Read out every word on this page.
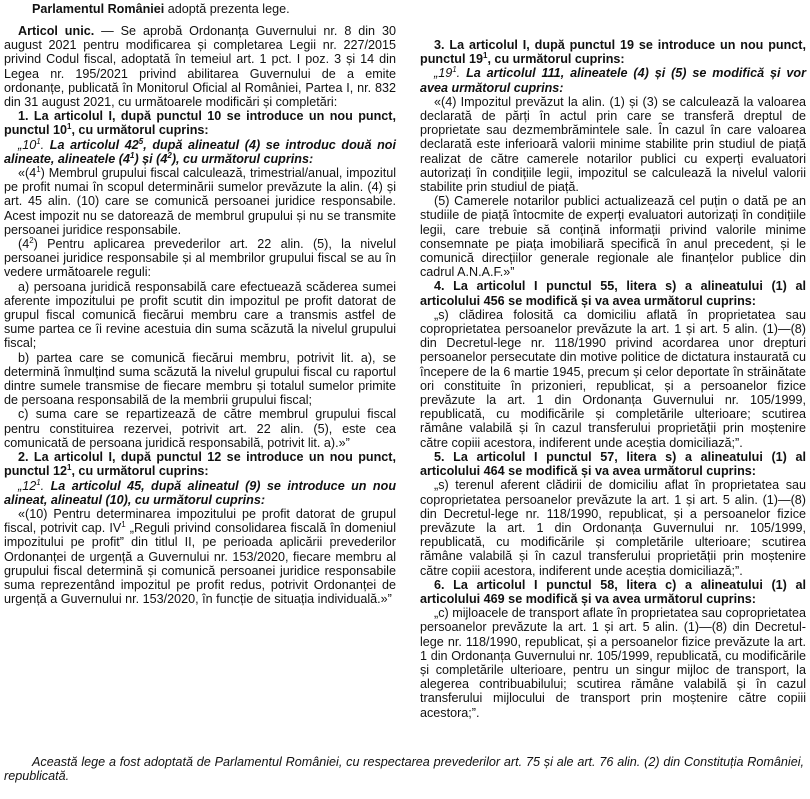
Parlamentul României adoptă prezenta lege.

Articol unic. — Se aprobă Ordonanța Guvernului nr. 8 din 30 august 2021 pentru modificarea și completarea Legii nr. 227/2015 privind Codul fiscal, adoptată în temeiul art. 1 pct. I poz. 3 și 14 din Legea nr. 195/2021 privind abilitarea Guvernului de a emite ordonanțe, publicată în Monitorul Oficial al României, Partea I, nr. 832 din 31 august 2021, cu următoarele modificări și completări:

1. La articolul I, după punctul 10 se introduce un nou punct, punctul $10^1$, cu următorul cuprins:

$„10^1$. La articolul $42^5$, după alineatul (4) se introduc două noi alineate, alineatele $(4^1)$ și $(4^2)$, cu următorul cuprins:

«$(4^1)$ Membrul grupului fiscal calculează, trimestrial/anual, impozitul pe profit numai în scopul determinării sumelor prevăzute la alin. (4) și art. 45 alin. (10) care se comunică persoanei juridice responsabile. Acest impozit nu se datorează de membrul grupului și nu se transmite persoanei juridice responsabile.

$(4^2)$ Pentru aplicarea prevederilor art. 22 alin. (5), la nivelul persoanei juridice responsabile și al membrilor grupului fiscal se au în vedere următoarele reguli:

a) persoana juridică responsabilă care efectuează scăderea sumei aferente impozitului pe profit scutit din impozitul pe profit datorat de grupul fiscal comunică fiecărui membru care a transmis astfel de sume partea ce îi revine acestuia din suma scăzută la nivelul grupului fiscal;

b) partea care se comunică fiecărui membru, potrivit lit. a), se determină înmulțind suma scăzută la nivelul grupului fiscal cu raportul dintre sumele transmise de fiecare membru și totalul sumelor primite de persoana responsabilă de la membrii grupului fiscal;

c) suma care se repartizează de către membrul grupului fiscal pentru constituirea rezervei, potrivit art. 22 alin. (5), este cea comunicată de persoana juridică responsabilă, potrivit lit. a).»”

2. La articolul I, după punctul 12 se introduce un nou punct, punctul $12^1$, cu următorul cuprins:

$„12^1$. La articolul 45, după alineatul (9) se introduce un nou alineat, alineatul (10), cu următorul cuprins:

«(10) Pentru determinarea impozitului pe profit datorat de grupul fiscal, potrivit cap. $IV^1$ „Reguli privind consolidarea fiscală în domeniul impozitului pe profit” din titlul II, pe perioada aplicării prevederilor Ordonanței de urgență a Guvernului nr. 153/2020, fiecare membru al grupului fiscal determină și comunică persoanei juridice responsabile suma reprezentând impozitul pe profit redus, potrivit Ordonanței de urgență a Guvernului nr. 153/2020, în funcție de situația individuală.»”

3. La articolul I, după punctul 19 se introduce un nou punct, punctul $19^1$, cu următorul cuprins:

$„19^1$. La articolul 111, alineatele (4) și (5) se modifică și vor avea următorul cuprins:

«(4) Impozitul prevăzut la alin. (1) și (3) se calculează la valoarea declarată de părți în actul prin care se transferă dreptul de proprietate sau dezmembrămintele sale. În cazul în care valoarea declarată este inferioară valorii minime stabilite prin studiul de piață realizat de către camerele notarilor publici cu experți evaluatori autorizați în condițiile legii, impozitul se calculează la nivelul valorii stabilite prin studiul de piață.

(5) Camerele notarilor publici actualizează cel puțin o dată pe an studiile de piață întocmite de experți evaluatori autorizați în condițiile legii, care trebuie să conțină informații privind valorile minime consemnate pe piața imobiliară specifică în anul precedent, și le comunică direcțiilor generale regionale ale finanțelor publice din cadrul A.N.A.F.»”

4. La articolul I punctul 55, litera s) a alineatului (1) al articolului 456 se modifică și va avea următorul cuprins:

„s) clădirea folosită ca domiciliu aflată în proprietatea sau coproprietatea persoanelor prevăzute la art. 1 și art. 5 alin. (1)—(8) din Decretul-lege nr. 118/1990 privind acordarea unor drepturi persoanelor persecutate din motive politice de dictatura instaurată cu începere de la 6 martie 1945, precum și celor deportate în străinătate ori constituite în prizonieri, republicat, și a persoanelor fizice prevăzute la art. 1 din Ordonanța Guvernului nr. 105/1999, republicată, cu modificările și completările ulterioare; scutirea rămâne valabilă și în cazul transferului proprietății prin moștenire către copiii acestora, indiferent unde aceștia domiciliază;”.

5. La articolul I punctul 57, litera s) a alineatului (1) al articolului 464 se modifică și va avea următorul cuprins:

„s) terenul aferent clădirii de domiciliu aflat în proprietatea sau coproprietatea persoanelor prevăzute la art. 1 și art. 5 alin. (1)—(8) din Decretul-lege nr. 118/1990, republicat, și a persoanelor fizice prevăzute la art. 1 din Ordonanța Guvernului nr. 105/1999, republicată, cu modificările și completările ulterioare; scutirea rămâne valabilă și în cazul transferului proprietății prin moștenire către copiii acestora, indiferent unde aceștia domiciliază;”.

6. La articolul I punctul 58, litera c) a alineatului (1) al articolului 469 se modifică și va avea următorul cuprins:

„c) mijloacele de transport aflate în proprietatea sau coproprietatea persoanelor prevăzute la art. 1 și art. 5 alin. (1)—(8) din Decretul-lege nr. 118/1990, republicat, și a persoanelor fizice prevăzute la art. 1 din Ordonanța Guvernului nr. 105/1999, republicată, cu modificările și completările ulterioare, pentru un singur mijloc de transport, la alegerea contribuabilului; scutirea rămâne valabilă și în cazul transferului mijlocului de transport prin moștenire către copiii acestora;”.

Această lege a fost adoptată de Parlamentul României, cu respectarea prevederilor art. 75 și ale art. 76 alin. (2) din Constituția României, republicată.
